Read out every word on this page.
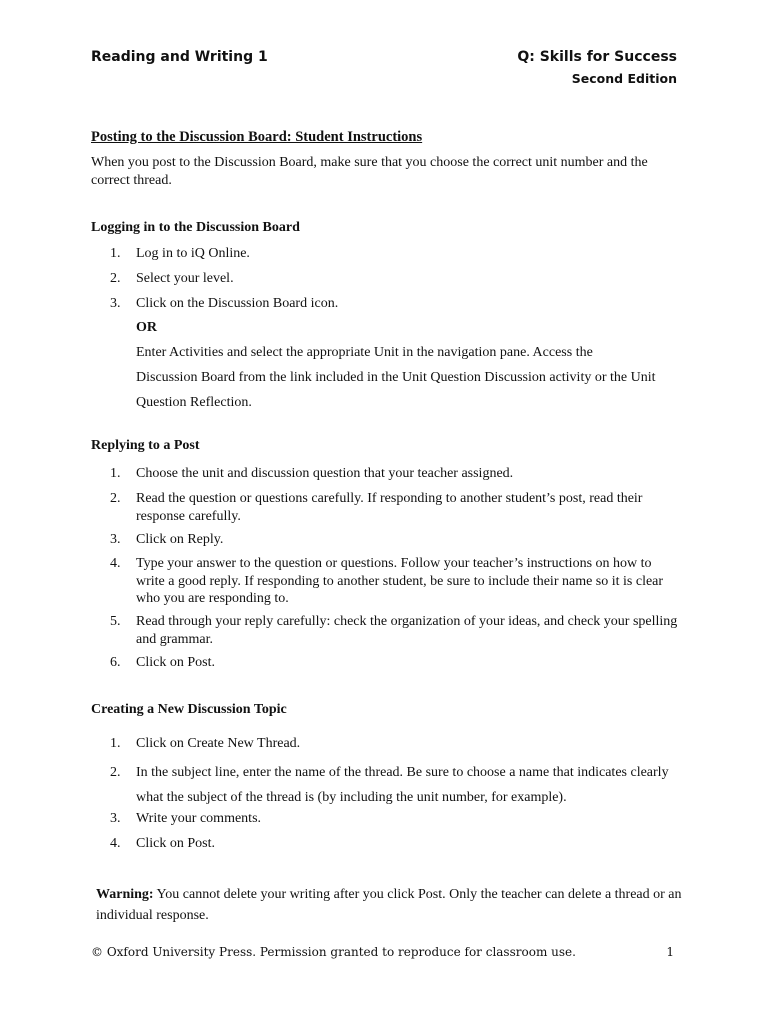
Reading and Writing 1	Q: Skills for Success
Second Edition
Posting to the Discussion Board: Student Instructions
When you post to the Discussion Board, make sure that you choose the correct unit number and the correct thread.
Logging in to the Discussion Board
1.	Log in to iQ Online.
2.	Select your level.
3.	Click on the Discussion Board icon.
OR
Enter Activities and select the appropriate Unit in the navigation pane. Access the
Discussion Board from the link included in the Unit Question Discussion activity or the Unit
Question Reflection.
Replying to a Post
1.	Choose the unit and discussion question that your teacher assigned.
2.	Read the question or questions carefully. If responding to another student’s post, read their response carefully.
3.	Click on Reply.
4.	Type your answer to the question or questions. Follow your teacher’s instructions on how to write a good reply. If responding to another student, be sure to include their name so it is clear who you are responding to.
5.	Read through your reply carefully: check the organization of your ideas, and check your spelling and grammar.
6.	Click on Post.
Creating a New Discussion Topic
1.	Click on Create New Thread.
2.	In the subject line, enter the name of the thread. Be sure to choose a name that indicates clearly what the subject of the thread is (by including the unit number, for example).
3.	Write your comments.
4.	Click on Post.
Warning: You cannot delete your writing after you click Post. Only the teacher can delete a thread or an individual response.
© Oxford University Press. Permission granted to reproduce for classroom use.	1
